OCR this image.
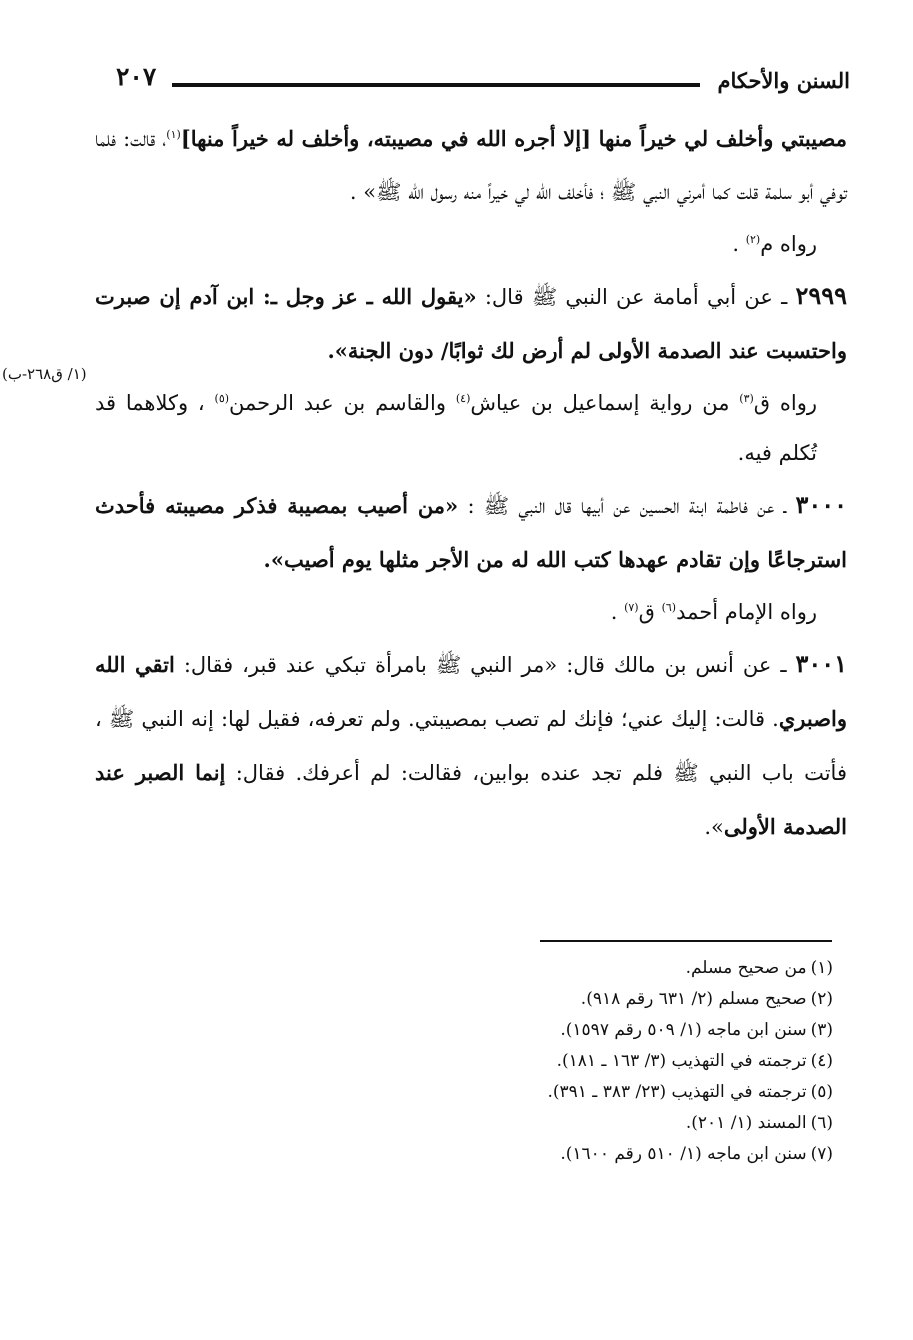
٢٠٧	السنن والأحكام
(١/ ق٢٦٨-ب)

مصيبتي وأخلف لي خيراً منها [إلا أجره الله في مصيبته، وأخلف له خيراً منها]$^{(١)}$، قالت: فلما توفي أبو سلمة قلت كما أمرني النبي ﷺ ؛ فأخلف الله لي خيراً منه رسول الله ﷺ» .

رواه م$^{(٢)}$ .

٢٩٩٩ ـ عن أبي أمامة عن النبي ﷺ قال: «يقول الله ـ عز وجل ـ: ابن آدم إن صبرت واحتسبت عند الصدمة الأولى لم أرض لك ثوابًا/ دون الجنة».

رواه ق$^{(٣)}$ من رواية إسماعيل بن عياش$^{(٤)}$ والقاسم بن عبد الرحمن$^{(٥)}$ ، وكلاهما قد تُكلم فيه.

٣٠٠٠ ـ عن فاطمة ابنة الحسين عن أبيها قال النبي ﷺ : «من أصيب بمصيبة فذكر مصيبته فأحدث استرجاعًا وإن تقادم عهدها كتب الله له من الأجر مثلها يوم أصيب».

رواه الإمام أحمد$^{(٦)}$ ق$^{(٧)}$ .

٣٠٠١ ـ عن أنس بن مالك قال: «مر النبي ﷺ بامرأة تبكي عند قبر، فقال: اتقي الله واصبري. قالت: إليك عني؛ فإنك لم تصب بمصيبتي. ولم تعرفه، فقيل لها: إنه النبي ﷺ ، فأتت باب النبي ﷺ فلم تجد عنده بوابين، فقالت: لم أعرفك. فقال: إنما الصبر عند الصدمة الأولى».

(١)من صحيح مسلم.

(٢)صحيح مسلم (٢/ ٦٣١ رقم ٩١٨).

(٣)سنن ابن ماجه (١/ ٥٠٩ رقم ١٥٩٧).

(٤)ترجمته في التهذيب (٣/ ١٦٣ ـ ١٨١).

(٥)ترجمته في التهذيب (٢٣/ ٣٨٣ ـ ٣٩١).

(٦)المسند (١/ ٢٠١).

(٧)سنن ابن ماجه (١/ ٥١٠ رقم ١٦٠٠).
